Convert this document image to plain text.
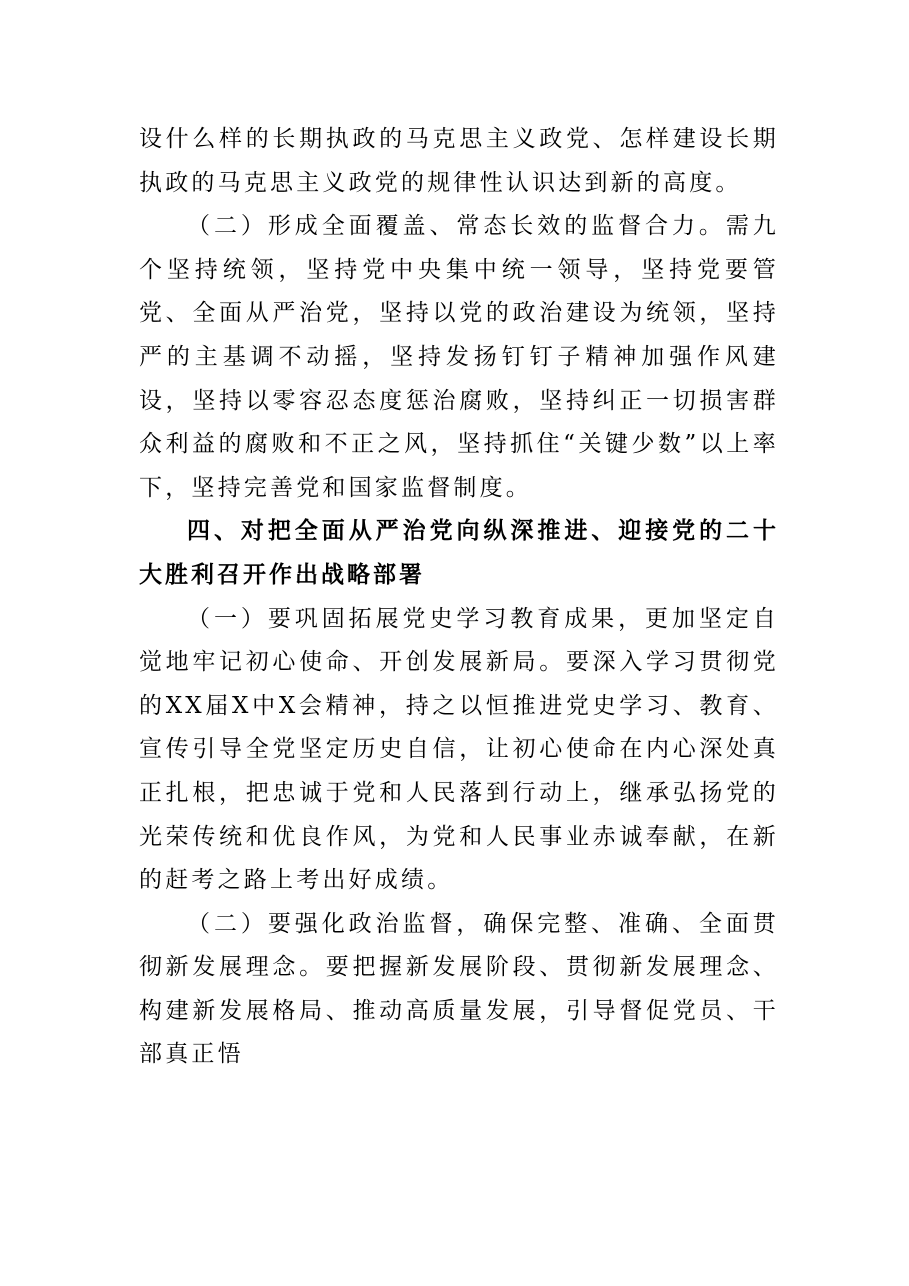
设什么样的长期执政的马克思主义政党、怎样建设长期执政的马克思主义政党的规律性认识达到新的高度。

（二）形成全面覆盖、常态长效的监督合力。需九个坚持统领，坚持党中央集中统一领导，坚持党要管党、全面从严治党，坚持以党的政治建设为统领，坚持严的主基调不动摇，坚持发扬钉钉子精神加强作风建设，坚持以零容忍态度惩治腐败，坚持纠正一切损害群众利益的腐败和不正之风，坚持抓住“关键少数”以上率下，坚持完善党和国家监督制度。

四、对把全面从严治党向纵深推进、迎接党的二十大胜利召开作出战略部署

（一）要巩固拓展党史学习教育成果，更加坚定自觉地牢记初心使命、开创发展新局。要深入学习贯彻党的XX届X中X会精神，持之以恒推进党史学习、教育、宣传引导全党坚定历史自信，让初心使命在内心深处真正扎根，把忠诚于党和人民落到行动上，继承弘扬党的光荣传统和优良作风，为党和人民事业赤诚奉献，在新的赶考之路上考出好成绩。

（二）要强化政治监督，确保完整、准确、全面贯彻新发展理念。要把握新发展阶段、贯彻新发展理念、构建新发展格局、推动高质量发展，引导督促党员、干部真正悟
